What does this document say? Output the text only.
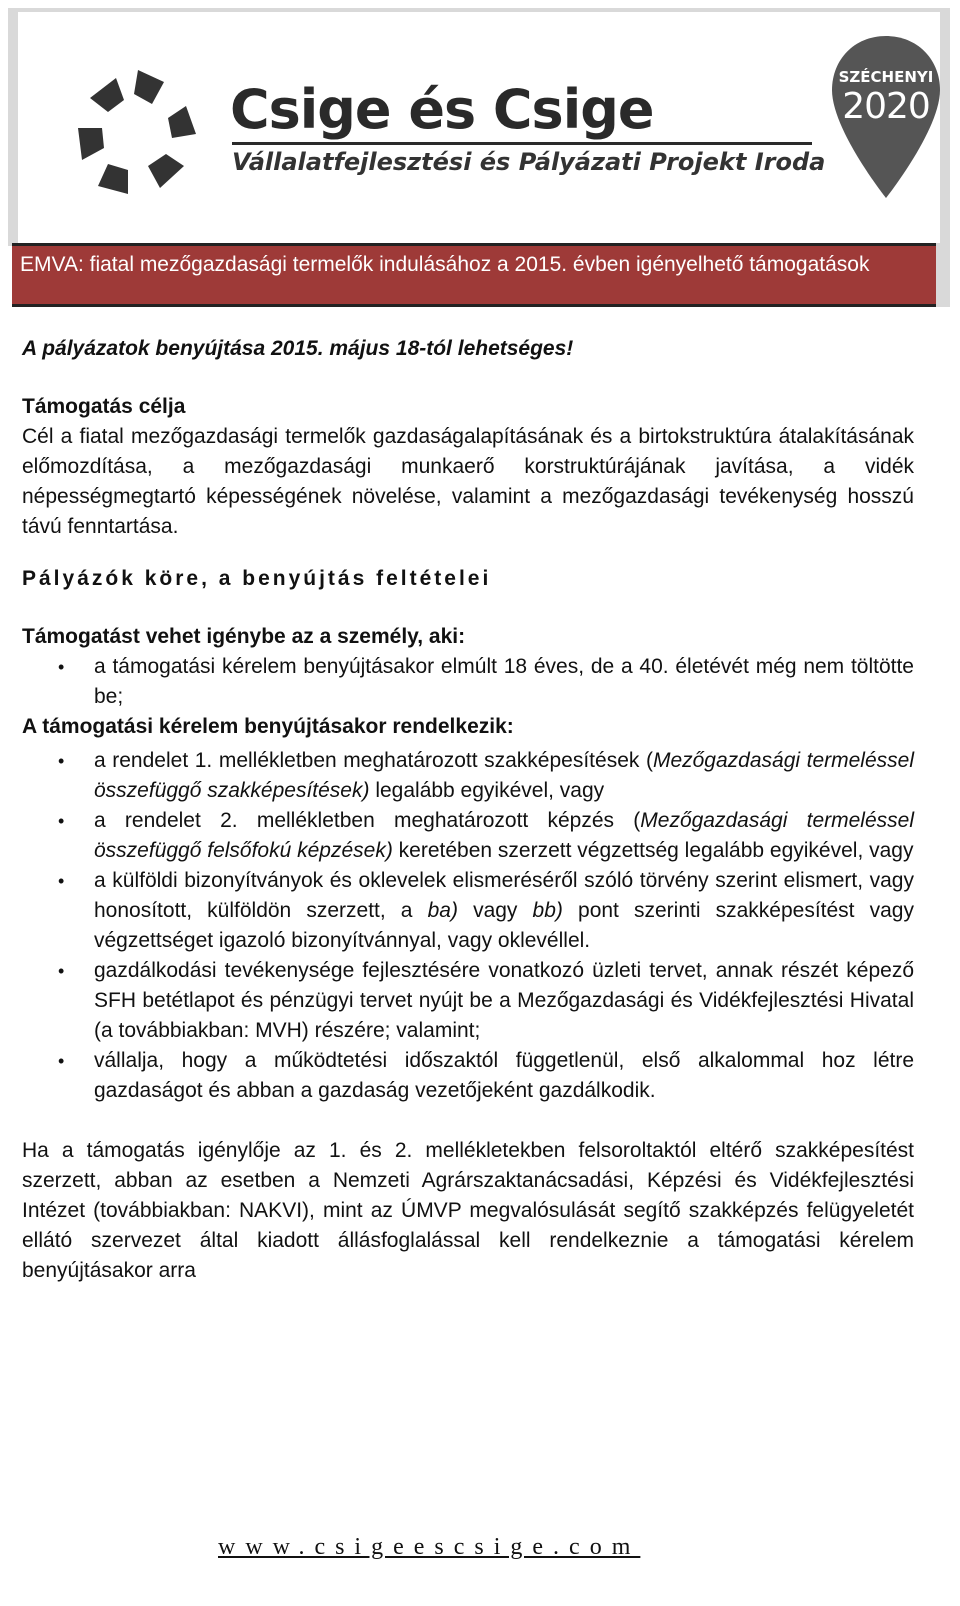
Csige és Csige
Vállalatfejlesztési és Pályázati Projekt Iroda
SZÉCHENYI
2020
EMVA: fiatal mezőgazdasági termelők indulásához a 2015. évben igényelhető támogatások

A pályázatok benyújtása 2015. május 18-tól lehetséges!

Támogatás célja

Cél a fiatal mezőgazdasági termelők gazdaságalapításának és a birtokstruktúra átalakításának előmozdítása, a mezőgazdasági munkaerő korstruktúrájának javítása, a vidék népességmegtartó képességének növelése, valamint a mezőgazdasági tevékenység hosszú távú fenntartása.

Pályázók köre, a benyújtás feltételei

Támogatást vehet igénybe az a személy, aki:

• a támogatási kérelem benyújtásakor elmúlt 18 éves, de a 40. életévét még nem töltötte be;

A támogatási kérelem benyújtásakor rendelkezik:

• a rendelet 1. mellékletben meghatározott szakképesítések (Mezőgazdasági termeléssel összefüggő szakképesítések) legalább egyikével, vagy
• a rendelet 2. mellékletben meghatározott képzés (Mezőgazdasági termeléssel összefüggő felsőfokú képzések) keretében szerzett végzettség legalább egyikével, vagy
• a külföldi bizonyítványok és oklevelek elismeréséről szóló törvény szerint elismert, vagy honosított, külföldön szerzett, a ba) vagy bb) pont szerinti szakképesítést vagy végzettséget igazoló bizonyítvánnyal, vagy oklevéllel.
• gazdálkodási tevékenysége fejlesztésére vonatkozó üzleti tervet, annak részét képező SFH betétlapot és pénzügyi tervet nyújt be a Mezőgazdasági és Vidékfejlesztési Hivatal (a továbbiakban: MVH) részére; valamint;
• vállalja, hogy a működtetési időszaktól függetlenül, első alkalommal hoz létre gazdaságot és abban a gazdaság vezetőjeként gazdálkodik.

Ha a támogatás igénylője az 1. és 2. mellékletekben felsoroltaktól eltérő szakképesítést szerzett, abban az esetben a Nemzeti Agrárszaktanácsadási, Képzési és Vidékfejlesztési Intézet (továbbiakban: NAKVI), mint az ÚMVP megvalósulását segítő szakképzés felügyeletét ellátó szervezet által kiadott állásfoglalással kell rendelkeznie a támogatási kérelem benyújtásakor arra

www.csigeescsige.com
